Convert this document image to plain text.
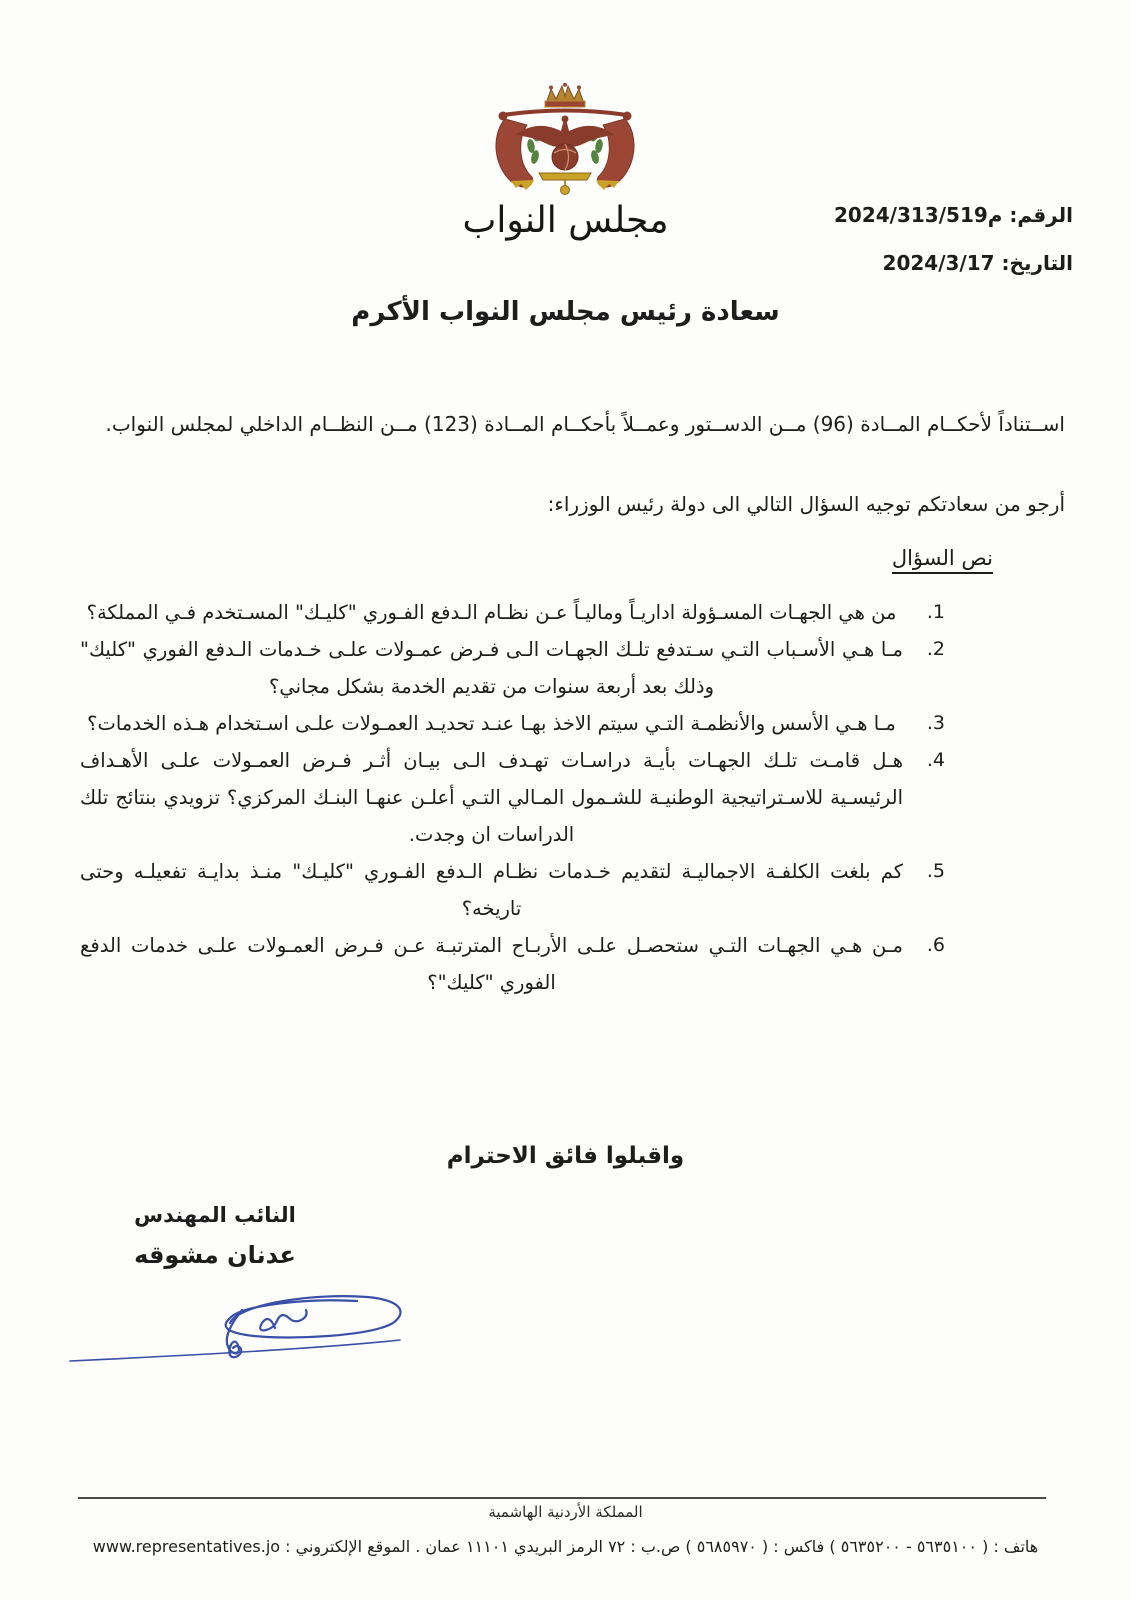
مجلس النواب	الرقم: م2024/313/519
التاريخ: 2024/3/17
سعادة رئيس مجلس النواب الأكرم
اســتناداً لأحكــام المــادة (96) مــن الدســتور وعمــلاً بأحكــام المــادة (123) مــن النظــام الداخلي لمجلس النواب.
أرجو من سعادتكم توجيه السؤال التالي الى دولة رئيس الوزراء:
نص السؤال
.1
من هي الجهـات المسـؤولة اداريـاً وماليـاً عـن نظـام الـدفع الفـوري "كليـك" المسـتخدم فـي المملكة؟
.2
مـا هـي الأسـباب التـي سـتدفع تلـك الجهـات الـى فـرض عمـولات علـى خـدمات الـدفع الفوري "كليك" وذلك بعد أربعة سنوات من تقديم الخدمة بشكل مجاني؟
.3
مـا هـي الأسس والأنظمـة التـي سيتم الاخذ بهـا عنـد تحديـد العمـولات علـى اسـتخدام هـذه الخدمات؟
.4
هـل قامـت تلـك الجهـات بأيـة دراسـات تهـدف الـى بيـان أثـر فـرض العمـولات علـى الأهـداف الرئيسـية للاسـتراتيجية الوطنيـة للشـمول المـالي التـي أعلـن عنهـا البنـك المركزي؟ تزويدي بنتائج تلك الدراسات ان وجدت.
.5
كم بلغت الكلفـة الاجماليـة لتقديم خـدمات نظـام الـدفع الفـوري "كليـك" منـذ بدايـة تفعيلـه وحتى تاريخه؟
.6
مـن هـي الجهـات التـي ستحصـل علـى الأربـاح المترتبـة عـن فـرض العمـولات علـى خدمات الدفع الفوري "كليك"؟
واقبلوا فائق الاحترام
النائب المهندس
عدنان مشوقه
المملكة الأردنية الهاشمية
هاتف : ( ٥٦٣٥١٠٠ - ٥٦٣٥٢٠٠ ) فاكس : ( ٥٦٨٥٩٧٠ ) ص.ب : ٧٢ الرمز البريدي ١١١٠١ عمان . الموقع الإلكتروني : www.representatives.jo
